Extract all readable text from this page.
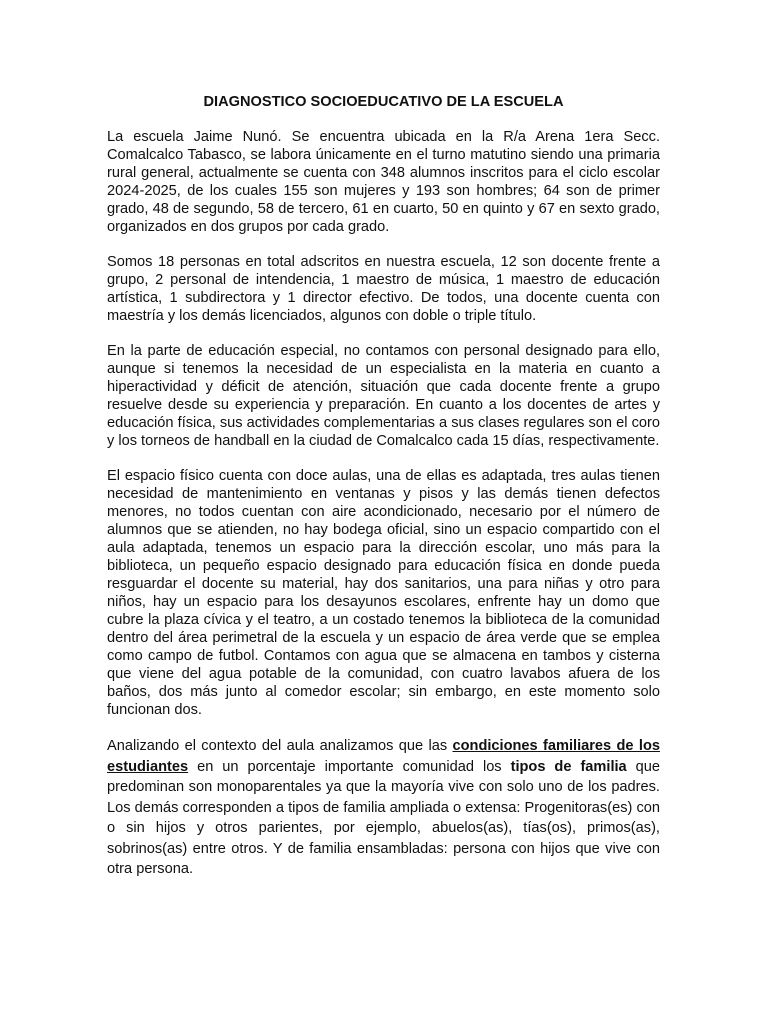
DIAGNOSTICO SOCIOEDUCATIVO DE LA ESCUELA

La escuela Jaime Nunó. Se encuentra ubicada en la R/a Arena 1era Secc. Comalcalco Tabasco, se labora únicamente en el turno matutino siendo una primaria rural general, actualmente se cuenta con 348 alumnos inscritos para el ciclo escolar 2024-2025, de los cuales 155 son mujeres y 193 son hombres; 64 son de primer grado, 48 de segundo, 58 de tercero, 61 en cuarto, 50 en quinto y 67 en sexto grado, organizados en dos grupos por cada grado.

Somos 18 personas en total adscritos en nuestra escuela, 12 son docente frente a grupo, 2 personal de intendencia, 1 maestro de música, 1 maestro de educación artística, 1 subdirectora y 1 director efectivo. De todos, una docente cuenta con maestría y los demás licenciados, algunos con doble o triple título.

En la parte de educación especial, no contamos con personal designado para ello, aunque si tenemos la necesidad de un especialista en la materia en cuanto a hiperactividad y déficit de atención, situación que cada docente frente a grupo resuelve desde su experiencia y preparación. En cuanto a los docentes de artes y educación física, sus actividades complementarias a sus clases regulares son el coro y los torneos de handball en la ciudad de Comalcalco cada 15 días, respectivamente.

El espacio físico cuenta con doce aulas, una de ellas es adaptada, tres aulas tienen necesidad de mantenimiento en ventanas y pisos y las demás tienen defectos menores, no todos cuentan con aire acondicionado, necesario por el número de alumnos que se atienden, no hay bodega oficial, sino un espacio compartido con el aula adaptada, tenemos un espacio para la dirección escolar, uno más para la biblioteca, un pequeño espacio designado para educación física en donde pueda resguardar el docente su material, hay dos sanitarios, una para niñas y otro para niños, hay un espacio para los desayunos escolares, enfrente hay un domo que cubre la plaza cívica y el teatro, a un costado tenemos la biblioteca de la comunidad dentro del área perimetral de la escuela y un espacio de área verde que se emplea como campo de futbol. Contamos con agua que se almacena en tambos y cisterna que viene del agua potable de la comunidad, con cuatro lavabos afuera de los baños, dos más junto al comedor escolar; sin embargo, en este momento solo funcionan dos.

Analizando el contexto del aula analizamos que las condiciones familiares de los estudiantes en un porcentaje importante comunidad los tipos de familia que predominan son monoparentales ya que la mayoría vive con solo uno de los padres. Los demás corresponden a tipos de familia ampliada o extensa: Progenitoras(es) con o sin hijos y otros parientes, por ejemplo, abuelos(as), tías(os), primos(as), sobrinos(as) entre otros. Y de familia ensambladas: persona con hijos que vive con otra persona.
